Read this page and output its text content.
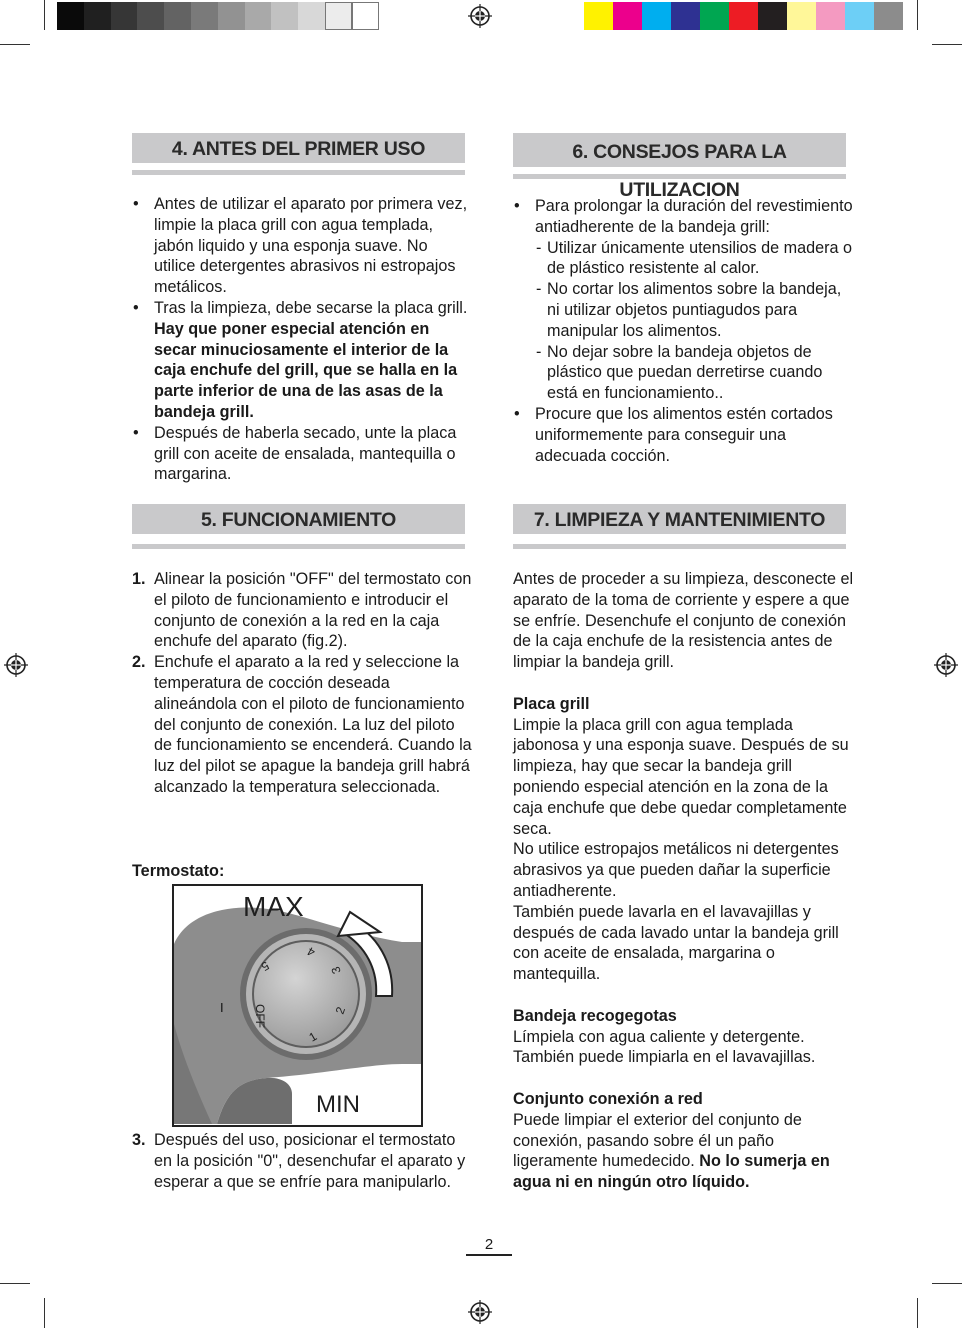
4. ANTES DEL PRIMER USO
• Antes de utilizar el aparato por primera vez, limpie la placa grill con agua templada, jabón liquido y una esponja suave. No utilice detergentes abrasivos ni estropajos metálicos.
• Tras la limpieza, debe secarse la placa grill. Hay que poner especial atención en secar minuciosamente el interior de la caja enchufe del grill, que se halla en la parte inferior de una de las asas de la bandeja grill.
• Después de haberla secado, unte la placa grill con aceite de ensalada, mantequilla o margarina.
5. FUNCIONAMIENTO
1. Alinear la posición "OFF" del termostato con el piloto de funcionamiento e introducir el conjunto de conexión a la red en la caja enchufe del aparato (fig.2).
2. Enchufe el aparato a la red y seleccione la temperatura de cocción deseada alineándola con el piloto de funcionamiento del conjunto de conexión. La luz del piloto de funcionamiento se encenderá. Cuando la luz del pilot se apague la bandeja grill habrá alcanzado la temperatura seleccionada.
Termostato:
MAX
MIN
I OFF
1
2
3
4
5
3. Después del uso, posicionar el termostato en la posición "0", desenchufar el aparato y esperar a que se enfríe para manipularlo.
6. CONSEJOS PARA LA UTILIZACION
• Para prolongar la duración del revestimiento antiadherente de la bandeja grill:
- Utilizar únicamente utensilios de madera o de plástico resistente al calor.
- No cortar los alimentos sobre la bandeja, ni utilizar objetos puntiagudos para manipular los alimentos.
- No dejar sobre la bandeja objetos de plástico que puedan derretirse cuando está en funcionamiento..
• Procure que los alimentos estén cortados uniformemente para conseguir una adecuada cocción.
7. LIMPIEZA Y MANTENIMIENTO
Antes de proceder a su limpieza, desconecte el aparato de la toma de corriente y espere a que se enfríe. Desenchufe el conjunto de conexión de la caja enchufe de la resistencia antes de limpiar la bandeja grill.
Placa grill
Limpie la placa grill con agua templada jabonosa y una esponja suave. Después de su limpieza, hay que secar la bandeja grill poniendo especial atención en la zona de la caja enchufe que debe quedar completamente seca.
No utilice estropajos metálicos ni detergentes abrasivos ya que pueden dañar la superficie antiadherente.
También puede lavarla en el lavavajillas y después de cada lavado untar la bandeja grill con aceite de ensalada, margarina o mantequilla.
Bandeja recogegotas
Límpiela con agua caliente y detergente. También puede limpiarla en el lavavajillas.
Conjunto conexión a red
Puede limpiar el exterior del conjunto de conexión, pasando sobre él un paño ligeramente humedecido. No lo sumerja en agua ni en ningún otro líquido.
2
